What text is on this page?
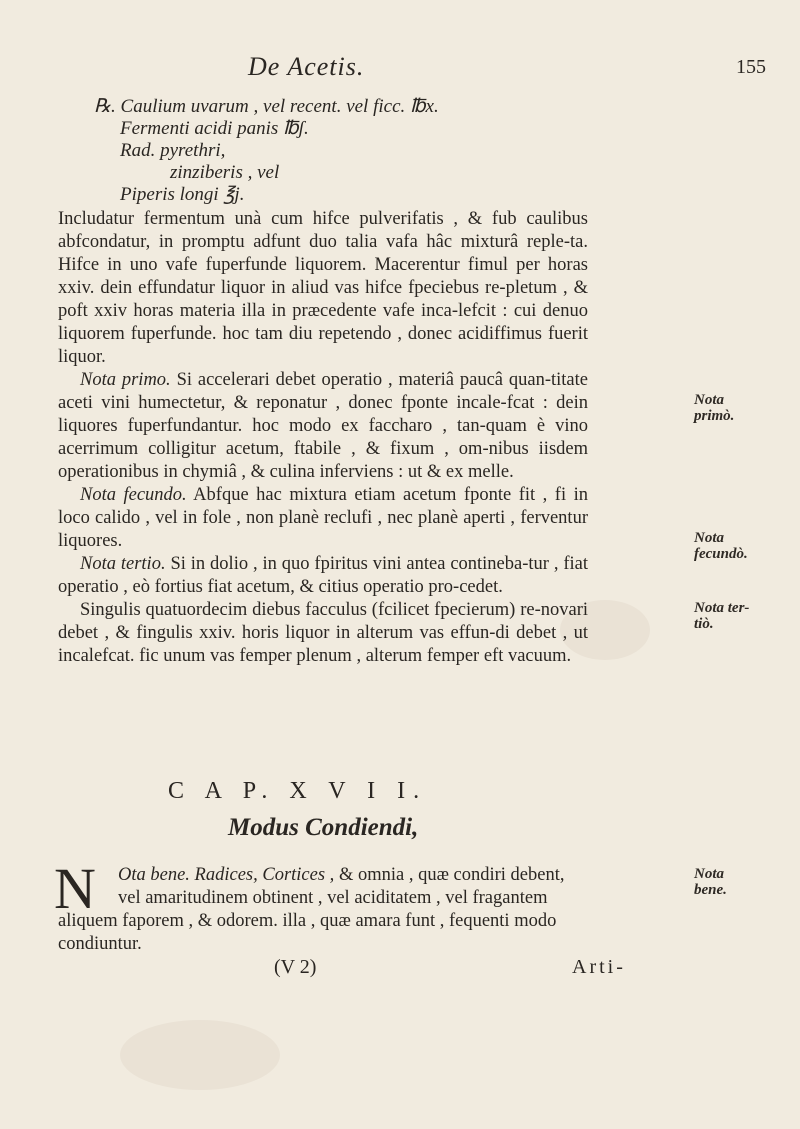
De Acetis.	155
℞. Caulium uvarum , vel recent. vel ficc. ℔x.
Fermenti acidi panis ℔ʃ.
Rad. pyrethri,
zinziberis , vel
Piperis longi ℥j.

Includatur fermentum unà cum hifce pulverifatis , & fub caulibus abfcondatur, in promptu adfunt duo talia vafa hâc mixturâ reple-ta. Hifce in uno vafe fuperfunde liquorem. Macerentur fimul per horas xxiv. dein effundatur liquor in aliud vas hifce fpeciebus re-pletum , & poft xxiv horas materia illa in præcedente vafe inca-lefcit : cui denuo liquorem fuperfunde. hoc tam diu repetendo , donec acidiffimus fuerit liquor.

Nota primo. Si accelerari debet operatio , materiâ paucâ quan-titate aceti vini humectetur, & reponatur , donec fponte incale-fcat : dein liquores fuperfundantur. hoc modo ex faccharo , tan-quam è vino acerrimum colligitur acetum, ftabile , & fixum , om-nibus iisdem operationibus in chymiâ , & culina inferviens : ut & ex melle.

Nota fecundo. Abfque hac mixtura etiam acetum fponte fit , fi in loco calido , vel in fole , non planè reclufi , nec planè aperti , ferventur liquores.

Nota tertio. Si in dolio , in quo fpiritus vini antea contineba-tur , fiat operatio , eò fortius fiat acetum, & citius operatio pro-cedet.

Singulis quatuordecim diebus facculus (fcilicet fpecierum) re-novari debet , & fingulis xxiv. horis liquor in alterum vas effun-di debet , ut incalefcat. fic unum vas femper plenum , alterum femper eft vacuum.

Nota
primò.
Nota
fecundò.
Nota ter-
tiò.
Nota
bene.
C A P. X V I I.
Modus Condiendi,
N Ota bene. Radices, Cortices , & omnia , quæ condiri debent,
vel amaritudinem obtinent , vel aciditatem , vel fragantem
aliquem faporem , & odorem. illa , quæ amara funt , fequenti modo condiuntur.
(V 2)	Arti-
